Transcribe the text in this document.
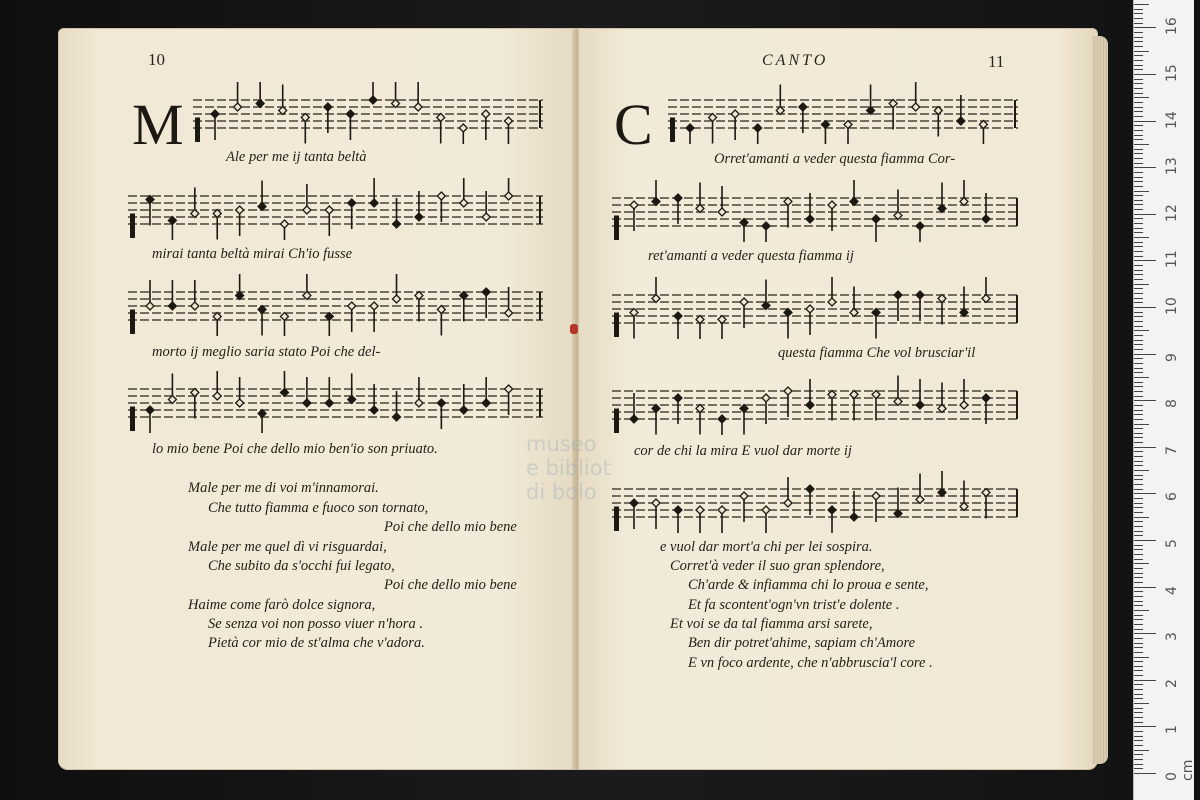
10
M	Ale per me ij tanta beltà
mirai tanta beltà mirai Ch'io fusse
morto ij meglio saria stato Poi che del-
lo mio bene Poi che dello mio ben'io son priuato.
Male per me di voi m'innamorai.
Che tutto fiamma e fuoco son tornato,
Poi che dello mio bene
Male per me quel dì vi risguardai,
Che subito da s'occhi fui legato,
Poi che dello mio bene
Haime come farò dolce signora,
Se senza voi non posso viuer n'hora .
Pietà cor mio de st'alma che v'adora.
CANTO	11
C
Orret'amanti a veder questa fiamma Cor-
ret'amanti a veder questa fiamma ij
questa fiamma Che vol brusciar'il
cor de chi la mira E vuol dar morte ij
museo
e bibliot
di bolo
e vuol dar mort'a chi per lei sospira.
Corret'à veder il suo gran splendore,
Ch'arde & infiamma chi lo proua e sente,
Et fa scontent'ogn'vn trist'e dolente .
Et voi se da tal fiamma arsi sarete,
Ben dir potret'ahime, sapiam ch'Amore
E vn foco ardente, che n'abbruscia'l core .
0 cm
1
2
3
4
5
6
7
8
9
10
11
12
13
14
15
16
